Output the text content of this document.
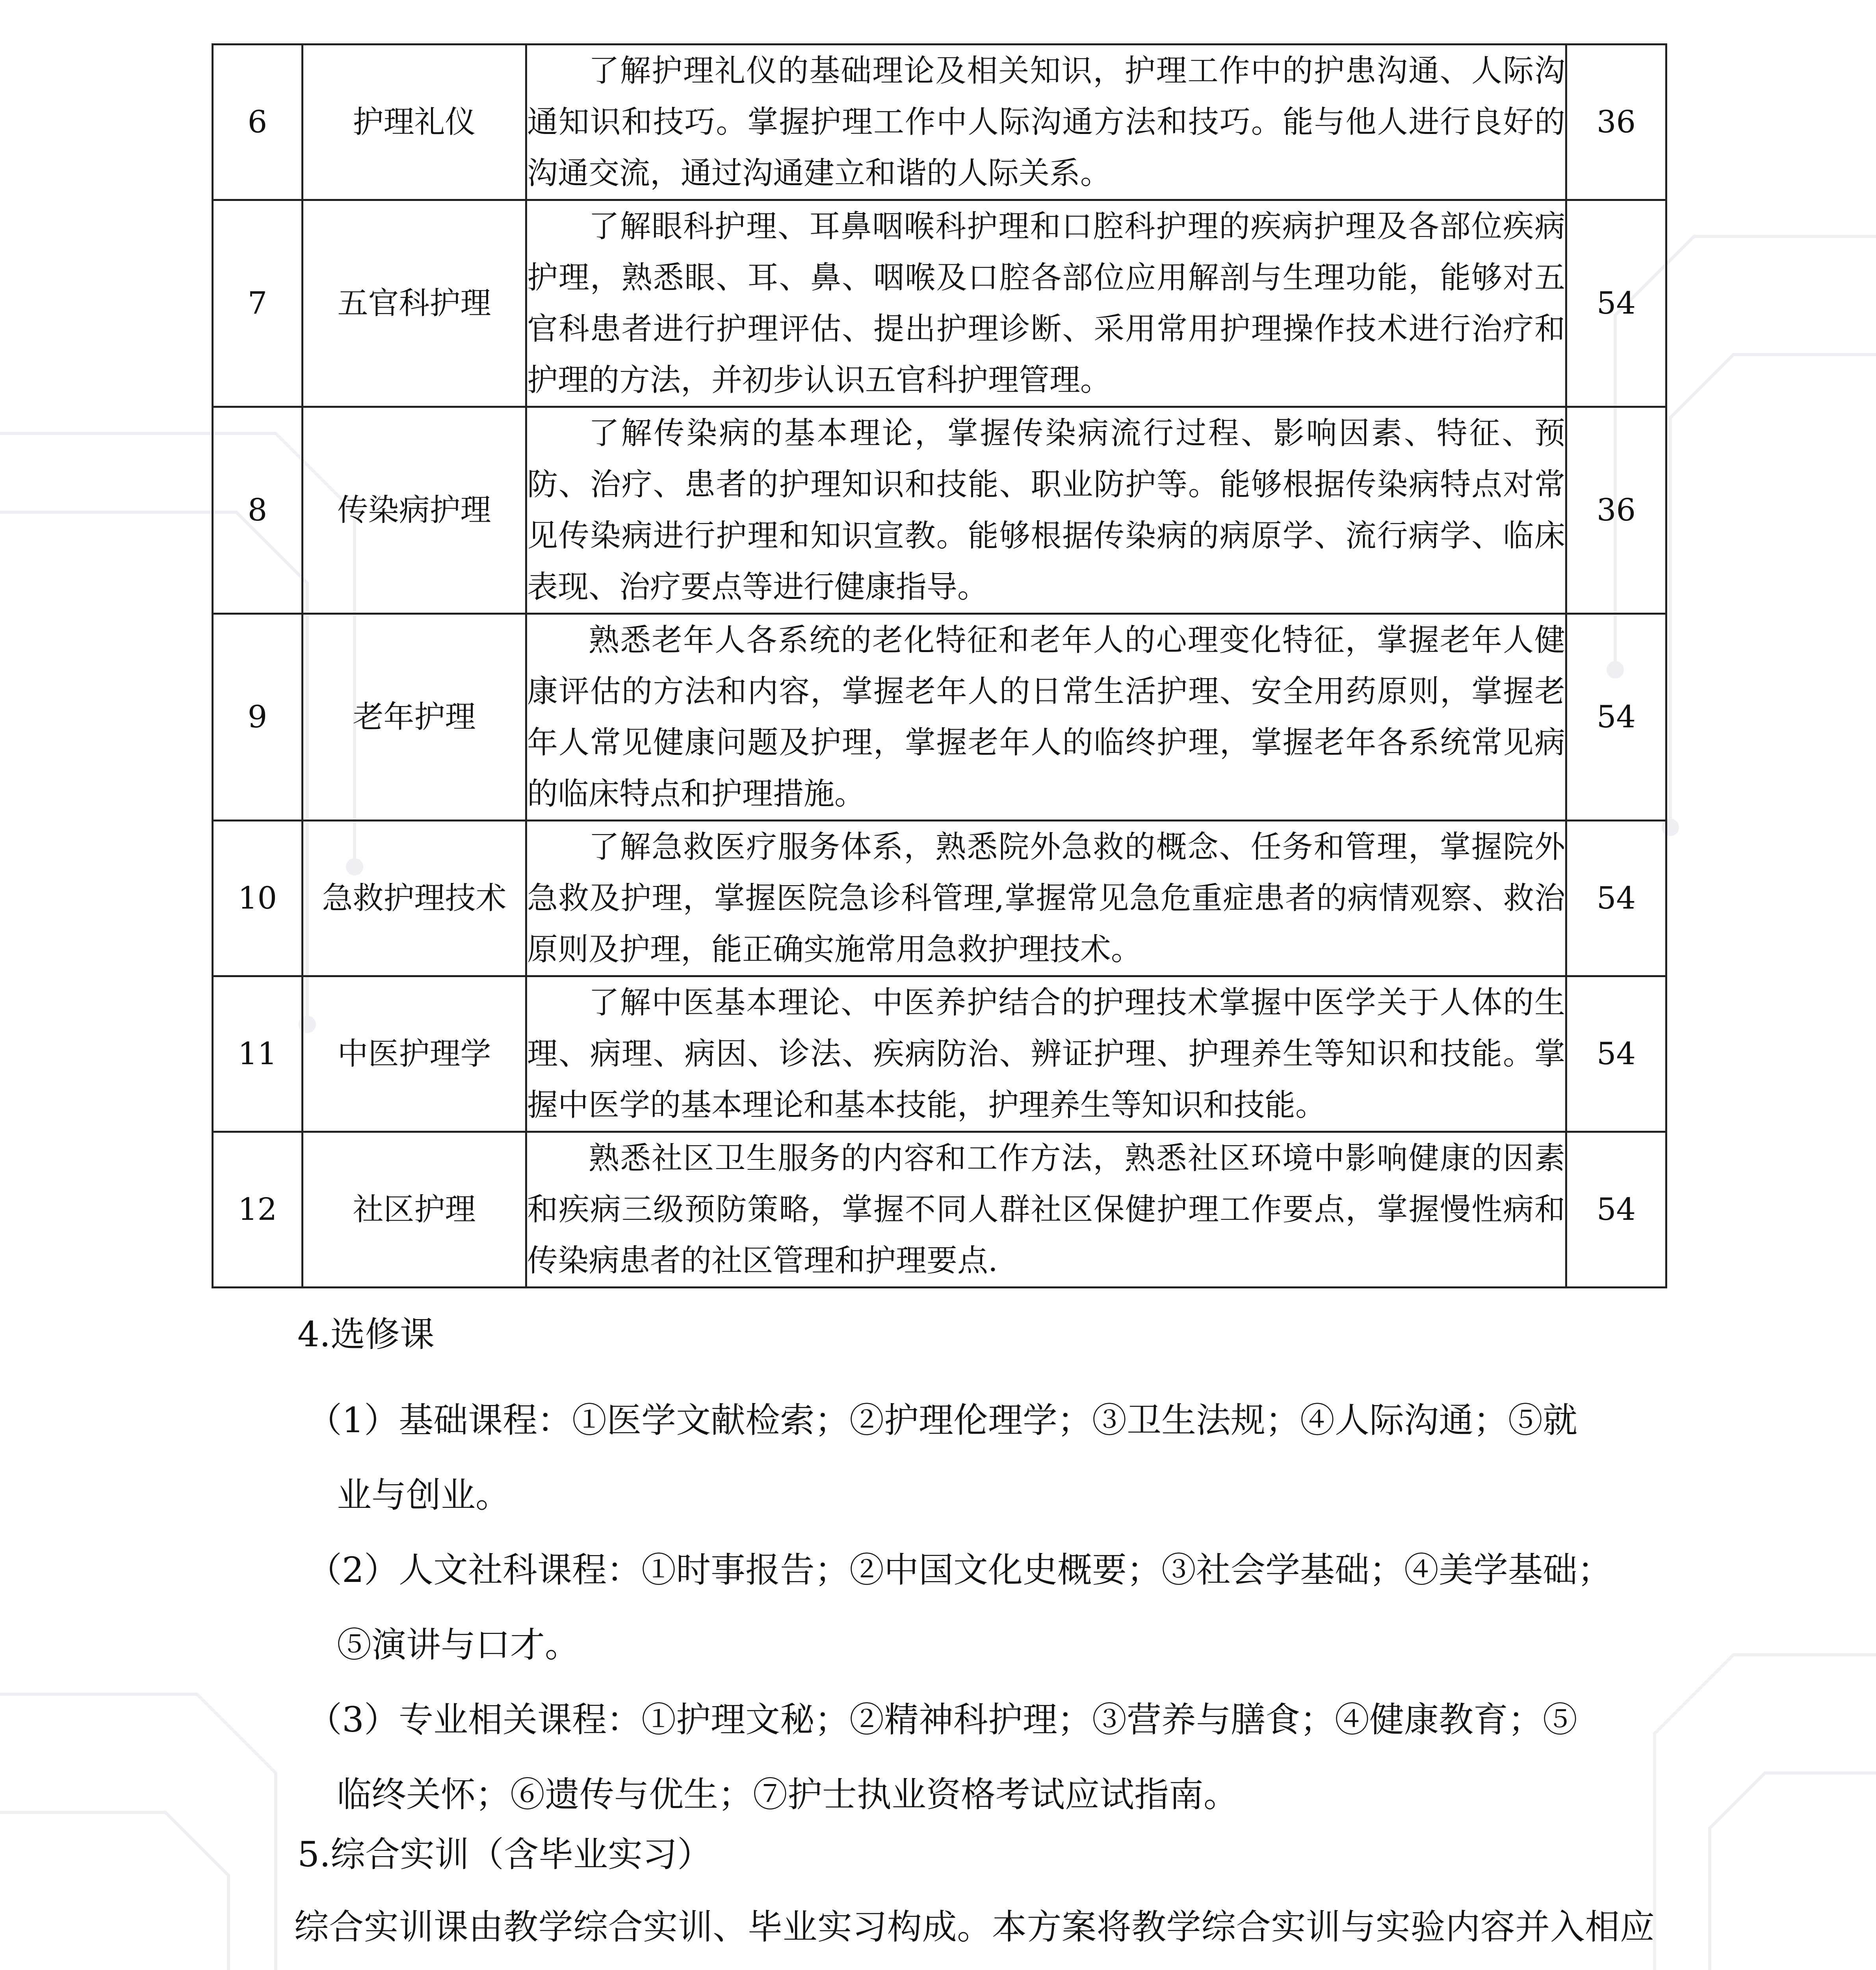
6	护理礼仪	了解护理礼仪的基础理论及相关知识，护理工作中的护患沟通、人际沟通知识和技巧。掌握护理工作中人际沟通方法和技巧。能与他人进行良好的沟通交流，通过沟通建立和谐的人际关系。	36
7	五官科护理	了解眼科护理、耳鼻咽喉科护理和口腔科护理的疾病护理及各部位疾病护理，熟悉眼、耳、鼻、咽喉及口腔各部位应用解剖与生理功能，能够对五官科患者进行护理评估、提出护理诊断、采用常用护理操作技术进行治疗和护理的方法，并初步认识五官科护理管理。	54
8	传染病护理	了解传染病的基本理论，掌握传染病流行过程、影响因素、特征、预防、治疗、患者的护理知识和技能、职业防护等。能够根据传染病特点对常见传染病进行护理和知识宣教。能够根据传染病的病原学、流行病学、临床表现、治疗要点等进行健康指导。	36
9	老年护理	熟悉老年人各系统的老化特征和老年人的心理变化特征，掌握老年人健康评估的方法和内容，掌握老年人的日常生活护理、安全用药原则，掌握老年人常见健康问题及护理，掌握老年人的临终护理，掌握老年各系统常见病的临床特点和护理措施。	54
10	急救护理技术	了解急救医疗服务体系，熟悉院外急救的概念、任务和管理，掌握院外急救及护理，掌握医院急诊科管理,掌握常见急危重症患者的病情观察、救治原则及护理，能正确实施常用急救护理技术。	54
11	中医护理学	了解中医基本理论、中医养护结合的护理技术掌握中医学关于人体的生理、病理、病因、诊法、疾病防治、辨证护理、护理养生等知识和技能。掌握中医学的基本理论和基本技能，护理养生等知识和技能。	54
12	社区护理	熟悉社区卫生服务的内容和工作方法，熟悉社区环境中影响健康的因素和疾病三级预防策略，掌握不同人群社区保健护理工作要点，掌握慢性病和传染病患者的社区管理和护理要点.	54
4.选修课
（1）基础课程：①医学文献检索；②护理伦理学；③卫生法规；④人际沟通；⑤就
业与创业。
（2）人文社科课程：①时事报告；②中国文化史概要；③社会学基础；④美学基础；
⑤演讲与口才。
（3）专业相关课程：①护理文秘；②精神科护理；③营养与膳食；④健康教育；⑤
临终关怀；⑥遗传与优生；⑦护士执业资格考试应试指南。
5.综合实训（含毕业实习）
综合实训课由教学综合实训、毕业实习构成。本方案将教学综合实训与实验内容并入相应
